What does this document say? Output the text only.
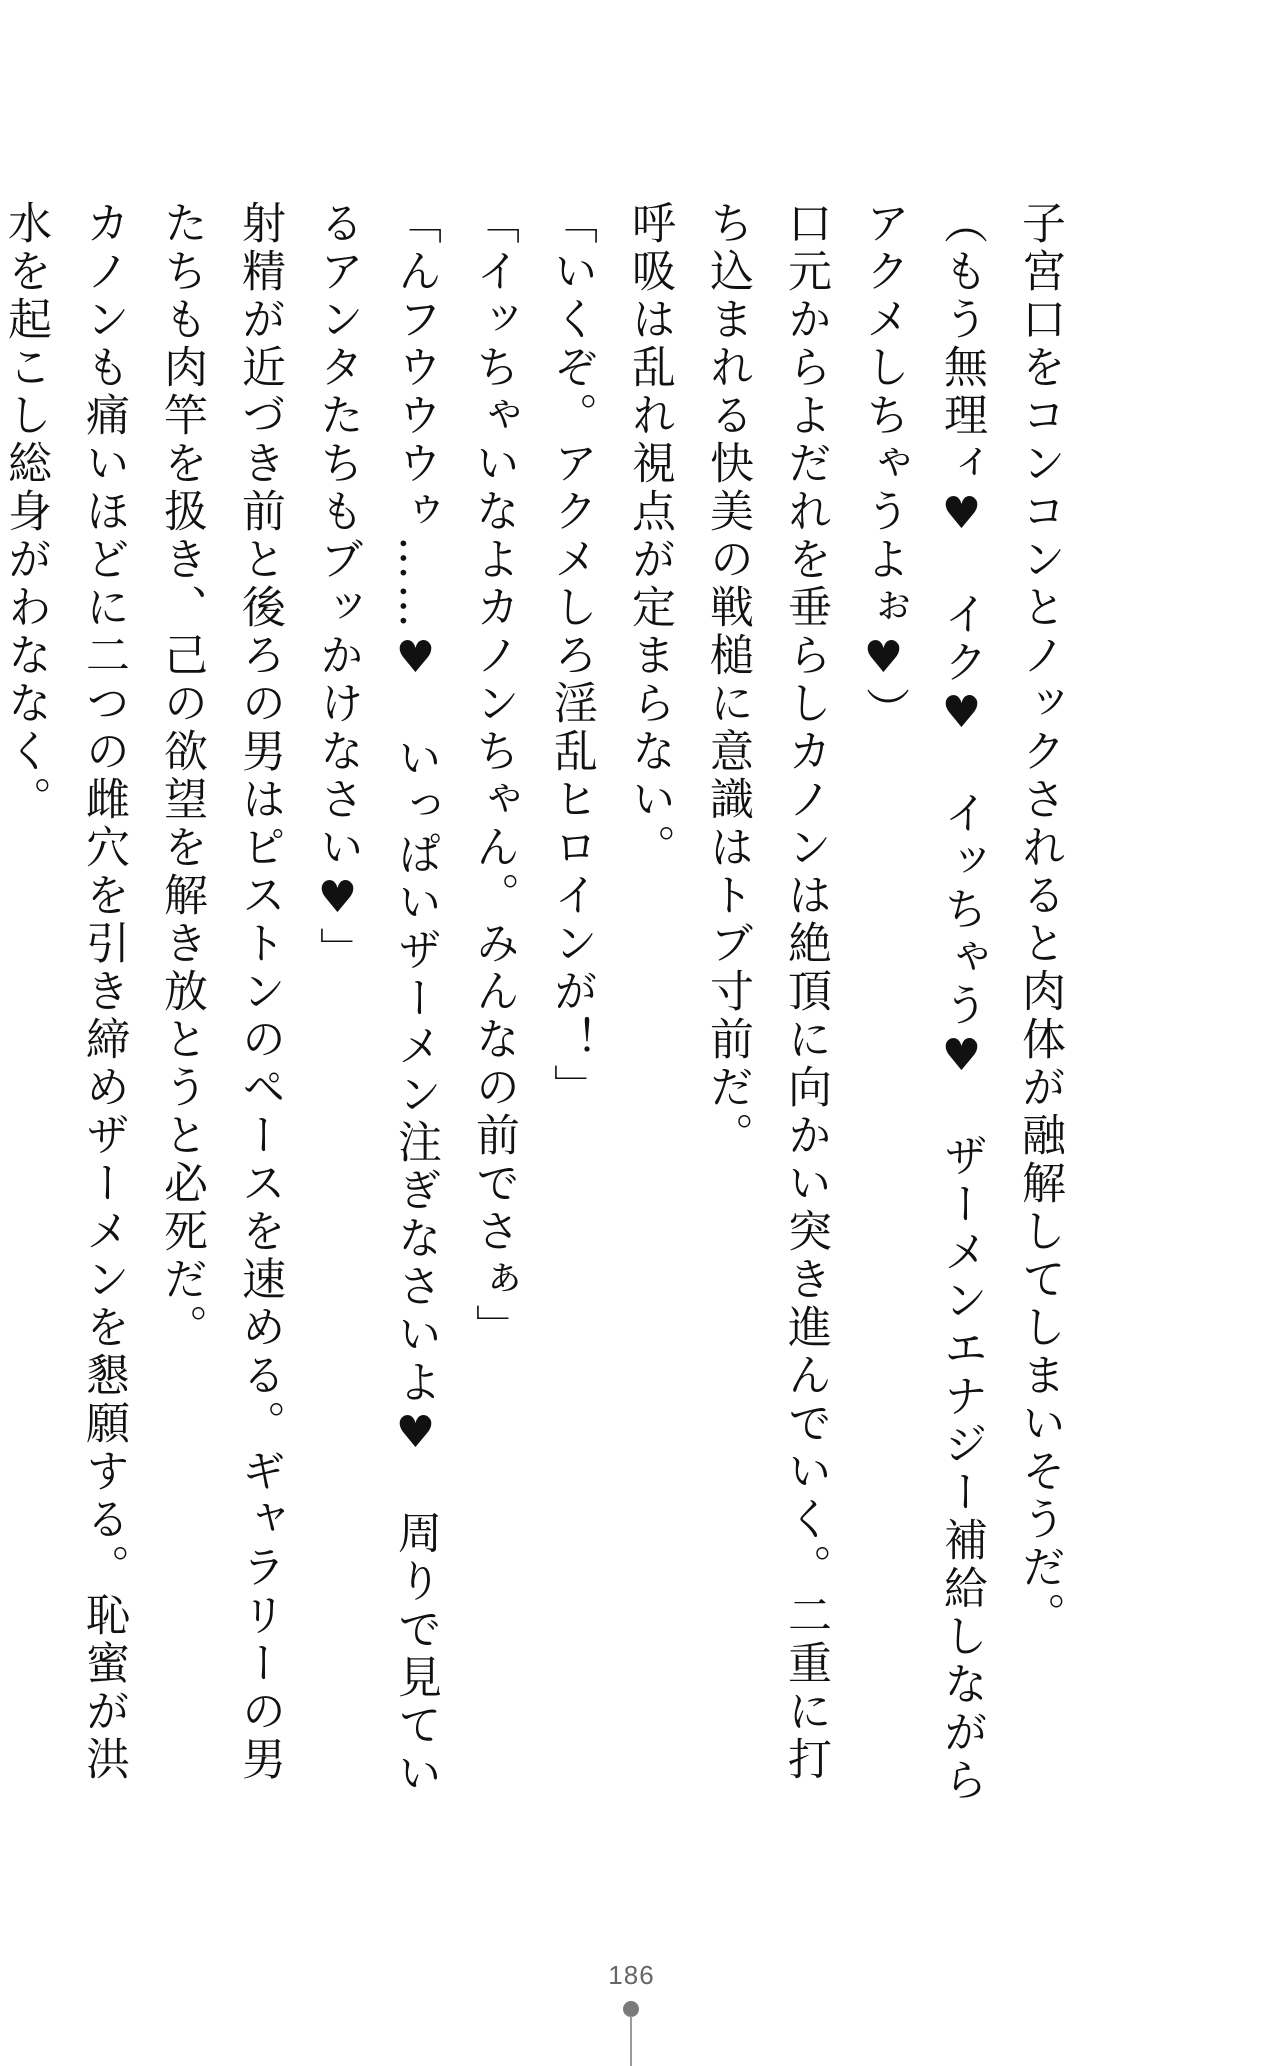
子宮口をコンコンとノックされると肉体が融解してしまいそうだ。

（もう無理ィ♥　イク♥　イッちゃう♥　ザーメンエナジー補給しながらアクメしちゃうよぉ♥）

口元からよだれを垂らしカノンは絶頂に向かい突き進んでいく。二重に打ち込まれる快美の戦槌に意識はトブ寸前だ。

呼吸は乱れ視点が定まらない。

「いくぞ。アクメしろ淫乱ヒロインが！」

「イッちゃいなよカノンちゃん。みんなの前でさぁ」

「んフウウウゥ……♥　いっぱいザーメン注ぎなさいよ♥　周りで見ているアンタたちもブッかけなさい♥」

射精が近づき前と後ろの男はピストンのペースを速める。ギャラリーの男たちも肉竿を扱き、己の欲望を解き放とうと必死だ。

カノンも痛いほどに二つの雌穴を引き締めザーメンを懇願する。恥蜜が洪水を起こし総身がわななく。

186
